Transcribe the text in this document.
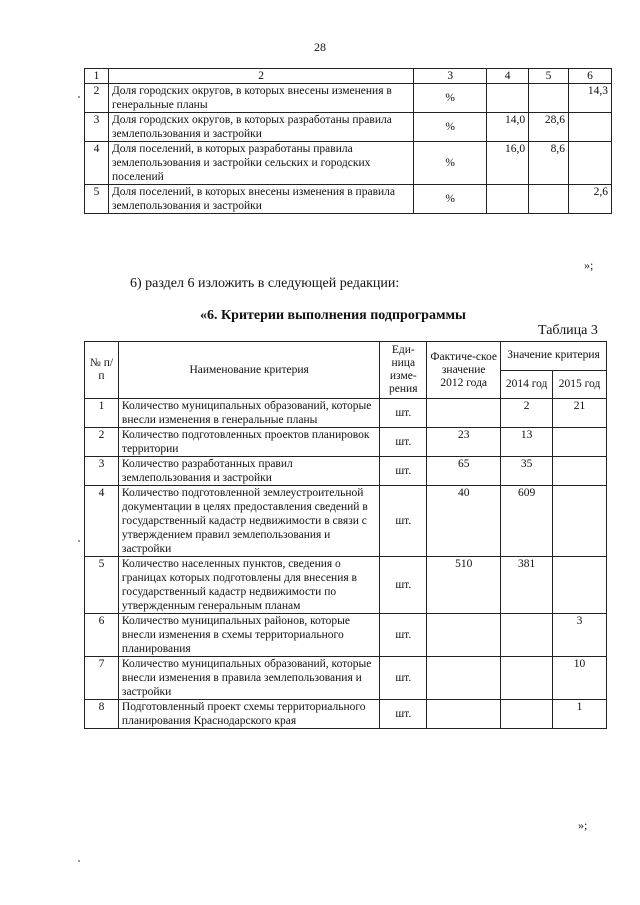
28
1	2	3	4	5	6
2	Доля городских округов, в которых внесены изменения в генеральные планы	%			14,3
3	Доля городских округов, в которых разработаны правила землепользования и застройки	%	14,0	28,6	
4	Доля поселений, в которых разработаны правила землепользования и застройки сельских и городских поселений	%	16,0	8,6	
5	Доля поселений, в которых внесены изменения в правила землепользования и застройки	%			2,6
»;
6) раздел 6 изложить в следующей редакции:
«6. Критерии выполнения подпрограммы
Таблица 3
№ п/п	Наименование критерия	Еди-ница изме-рения	Фактиче-ское значение 2012 года	Значение критерия	
				2014 год	2015 год
1	Количество муниципальных образований, которые внесли изменения в генеральные планы	шт.		2	21
2	Количество подготовленных проектов планировок территории	шт.	23	13	
3	Количество разработанных правил землепользования и застройки	шт.	65	35	
4	Количество подготовленной землеустроительной документации в целях предоставления сведений в государственный кадастр недвижимости в связи с утверждением правил землепользования и застройки	шт.	40	609	
5	Количество населенных пунктов, сведения о границах которых подготовлены для внесения в государственный кадастр недвижимости по утвержденным генеральным планам	шт.	510	381	
6	Количество муниципальных районов, которые внесли изменения в схемы территориального планирования	шт.			3
7	Количество муниципальных образований, которые внесли изменения в правила землепользования и застройки	шт.			10
8	Подготовленный проект схемы территориального планирования Краснодарского края	шт.			1
»;
